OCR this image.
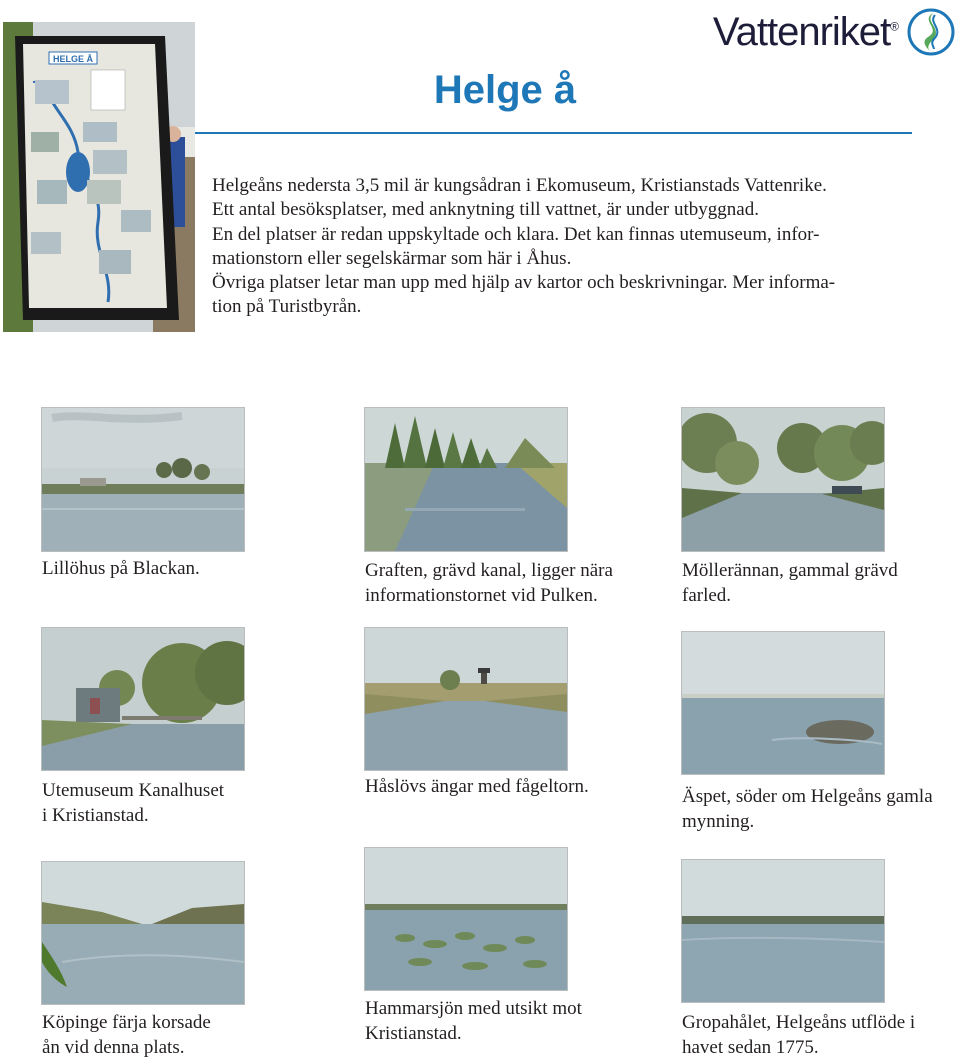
Vattenriket®
Helge å
HELGE Å

Helgeåns nedersta 3,5 mil är kungsådran i Ekomuseum, Kristianstads Vattenrike.

Ett antal besöksplatser, med anknytning till vattnet, är under utbyggnad.

En del platser är redan uppskyltade och klara. Det kan finnas utemuseum, infor-

mationstorn eller segelskärmar som här i Åhus.

Övriga platser letar man upp med hjälp av kartor och beskrivningar. Mer informa-

tion på Turistbyrån.

Lillöhus på Blackan.	Graften, grävd kanal, ligger nära
informationstornet vid Pulken.
Möllerännan, gammal grävd
farled.
Utemuseum Kanalhuset
i Kristianstad.
Håslövs ängar med fågeltorn.	Äspet, söder om Helgeåns gamla
mynning.
Köpinge färja korsade
ån vid denna plats.
Hammarsjön med utsikt mot
Kristianstad.
Gropahålet, Helgeåns utflöde i
havet sedan 1775.
